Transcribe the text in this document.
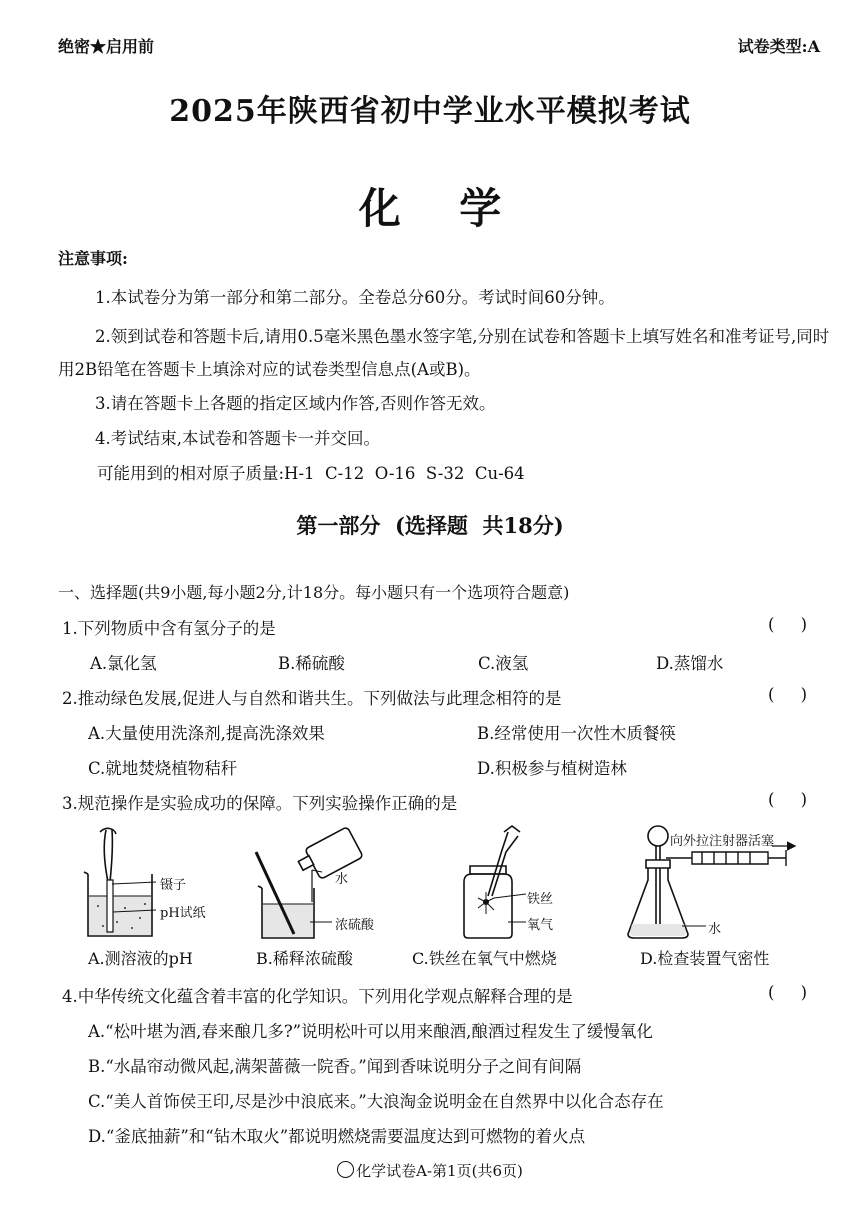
绝密★启用前	试卷类型:A
2025年陕西省初中学业水平模拟考试
化    学
注意事项:
1.本试卷分为第一部分和第二部分。全卷总分60分。考试时间60分钟。
2.领到试卷和答题卡后,请用0.5毫米黑色墨水签字笔,分别在试卷和答题卡上填写姓名和准考证号,同时用2B铅笔在答题卡上填涂对应的试卷类型信息点(A或B)。
3.请在答题卡上各题的指定区域内作答,否则作答无效。
4.考试结束,本试卷和答题卡一并交回。
可能用到的相对原子质量:H-1  C-12  O-16  S-32  Cu-64
第一部分  (选择题  共18分)
一、选择题(共9小题,每小题2分,计18分。每小题只有一个选项符合题意)
1.下列物质中含有氢分子的是	(     )
A.氯化氢	B.稀硫酸	C.液氢	D.蒸馏水
2.推动绿色发展,促进人与自然和谐共生。下列做法与此理念相符的是	(     )
A.大量使用洗涤剂,提高洗涤效果	B.经常使用一次性木质餐筷
C.就地焚烧植物秸秆	D.积极参与植树造林
3.规范操作是实验成功的保障。下列实验操作正确的是	(     )
镊子
pH试纸
水
浓硫酸
铁丝
氧气
向外拉注射器活塞
水
A.测溶液的pH	B.稀释浓硫酸	C.铁丝在氧气中燃烧	D.检查装置气密性
4.中华传统文化蕴含着丰富的化学知识。下列用化学观点解释合理的是	(     )
A.“松叶堪为酒,春来酿几多?”说明松叶可以用来酿酒,酿酒过程发生了缓慢氧化
B.“水晶帘动微风起,满架蔷薇一院香。”闻到香味说明分子之间有间隔
C.“美人首饰侯王印,尽是沙中浪底来。”大浪淘金说明金在自然界中以化合态存在
D.“釜底抽薪”和“钻木取火”都说明燃烧需要温度达到可燃物的着火点
化学试卷A-第1页(共6页)
